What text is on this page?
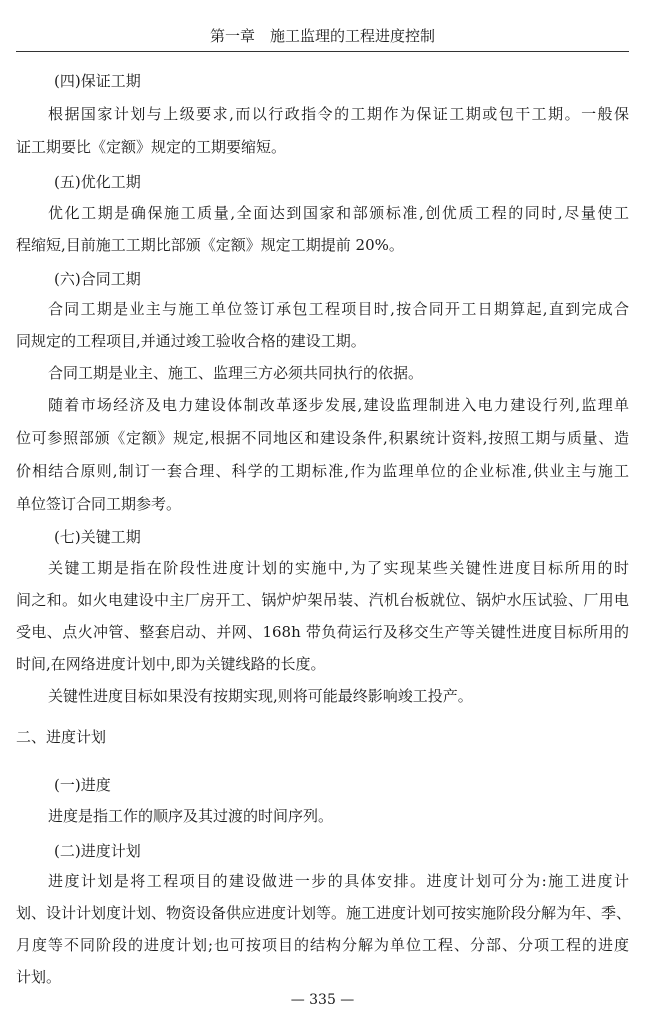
第一章　施工监理的工程进度控制
(四)保证工期
根据国家计划与上级要求,而以行政指令的工期作为保证工期或包干工期。一般保
证工期要比《定额》规定的工期要缩短。
(五)优化工期
优化工期是确保施工质量,全面达到国家和部颁标准,创优质工程的同时,尽量使工
程缩短,目前施工工期比部颁《定额》规定工期提前 20%。
(六)合同工期
合同工期是业主与施工单位签订承包工程项目时,按合同开工日期算起,直到完成合
同规定的工程项目,并通过竣工验收合格的建设工期。
合同工期是业主、施工、监理三方必须共同执行的依据。
随着市场经济及电力建设体制改革逐步发展,建设监理制进入电力建设行列,监理单
位可参照部颁《定额》规定,根据不同地区和建设条件,积累统计资料,按照工期与质量、造
价相结合原则,制订一套合理、科学的工期标准,作为监理单位的企业标准,供业主与施工
单位签订合同工期参考。
(七)关键工期
关键工期是指在阶段性进度计划的实施中,为了实现某些关键性进度目标所用的时
间之和。如火电建设中主厂房开工、锅炉炉架吊装、汽机台板就位、锅炉水压试验、厂用电
受电、点火冲管、整套启动、并网、168h 带负荷运行及移交生产等关键性进度目标所用的
时间,在网络进度计划中,即为关键线路的长度。
关键性进度目标如果没有按期实现,则将可能最终影响竣工投产。
二、进度计划
(一)进度
进度是指工作的顺序及其过渡的时间序列。
(二)进度计划
进度计划是将工程项目的建设做进一步的具体安排。进度计划可分为:施工进度计
划、设计计划度计划、物资设备供应进度计划等。施工进度计划可按实施阶段分解为年、季、
月度等不同阶段的进度计划;也可按项目的结构分解为单位工程、分部、分项工程的进度
计划。
— 335 —
